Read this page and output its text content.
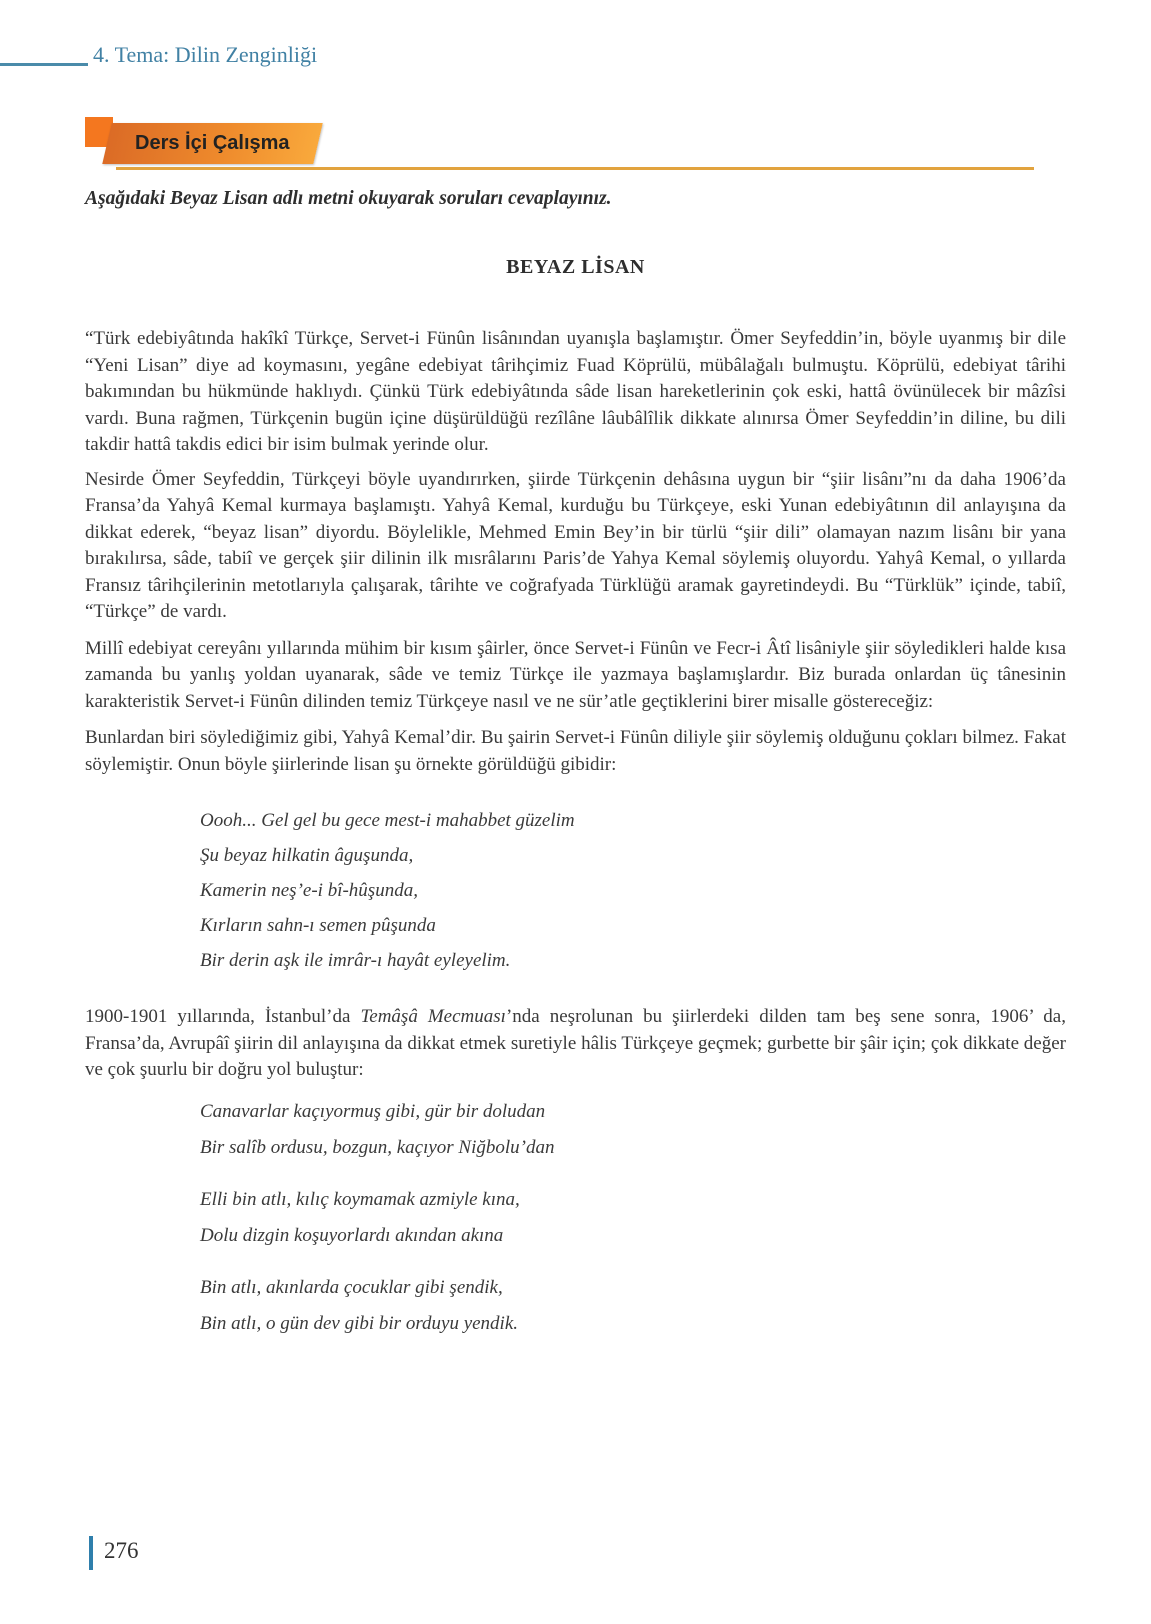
4. Tema: Dilin Zenginliği
Ders İçi Çalışma

Aşağıdaki Beyaz Lisan adlı metni okuyarak soruları cevaplayınız.

BEYAZ LİSAN

“Türk edebiyâtında hakîkî Türkçe, Servet-i Fünûn lisânından uyanışla başlamıştır. Ömer Seyfeddin’in, böyle uyanmış bir dile “Yeni Lisan” diye ad koymasını, yegâne edebiyat târihçimiz Fuad Köprülü, mübâlağalı bulmuştu. Köprülü, edebiyat târihi bakımından bu hükmünde haklıydı. Çünkü Türk edebiyâtında sâde lisan hareketlerinin çok eski, hattâ övünülecek bir mâzîsi vardı. Buna rağmen, Türkçenin bugün içine düşürüldüğü rezîlâne lâubâlîlik dikkate alınırsa Ömer Seyfeddin’in diline, bu dili takdir hattâ takdis edici bir isim bulmak yerinde olur.

Nesirde Ömer Seyfeddin, Türkçeyi böyle uyandırırken, şiirde Türkçenin dehâsına uygun bir “şiir lisânı”nı da daha 1906’da Fransa’da Yahyâ Kemal kurmaya başlamıştı. Yahyâ Kemal, kurduğu bu Türkçeye, eski Yunan edebiyâtının dil anlayışına da dikkat ederek, “beyaz lisan” diyordu. Böylelikle, Mehmed Emin Bey’in bir türlü “şiir dili” olamayan nazım lisânı bir yana bırakılırsa, sâde, tabiî ve gerçek şiir dilinin ilk mısrâlarını Paris’de Yahya Kemal söylemiş oluyordu. Yahyâ Kemal, o yıllarda Fransız târihçilerinin metotlarıyla çalışarak, târihte ve coğrafyada Türklüğü aramak gayretindeydi. Bu “Türklük” içinde, tabiî, “Türkçe” de vardı.

Millî edebiyat cereyânı yıllarında mühim bir kısım şâirler, önce Servet-i Fünûn ve Fecr-i Âtî lisâniyle şiir söyledikleri halde kısa zamanda bu yanlış yoldan uyanarak, sâde ve temiz Türkçe ile yazmaya başlamışlardır. Biz burada onlardan üç tânesinin karakteristik Servet-i Fünûn dilinden temiz Türkçeye nasıl ve ne sür’atle geçtiklerini birer misalle göstereceğiz:

Bunlardan biri söylediğimiz gibi, Yahyâ Kemal’dir. Bu şairin Servet-i Fünûn diliyle şiir söylemiş olduğunu çokları bilmez. Fakat söylemiştir. Onun böyle şiirlerinde lisan şu örnekte görüldüğü gibidir:

Oooh... Gel gel bu gece mest-i mahabbet güzelim

Şu beyaz hilkatin âguşunda,

Kamerin neş’e-i bî-hûşunda,

Kırların sahn-ı semen pûşunda

Bir derin aşk ile imrâr-ı hayât eyleyelim.

1900-1901 yıllarında, İstanbul’da Temâşâ Mecmuası’nda neşrolunan bu şiirlerdeki dilden tam beş sene sonra, 1906’ da, Fransa’da, Avrupâî şiirin dil anlayışına da dikkat etmek suretiyle hâlis Türkçeye geçmek; gurbette bir şâir için; çok dikkate değer ve çok şuurlu bir doğru yol buluştur:

Canavarlar kaçıyormuş gibi, gür bir doludan

Bir salîb ordusu, bozgun, kaçıyor Niğbolu’dan

Elli bin atlı, kılıç koymamak azmiyle kına,

Dolu dizgin koşuyorlardı akından akına

Bin atlı, akınlarda çocuklar gibi şendik,

Bin atlı, o gün dev gibi bir orduyu yendik.

276
